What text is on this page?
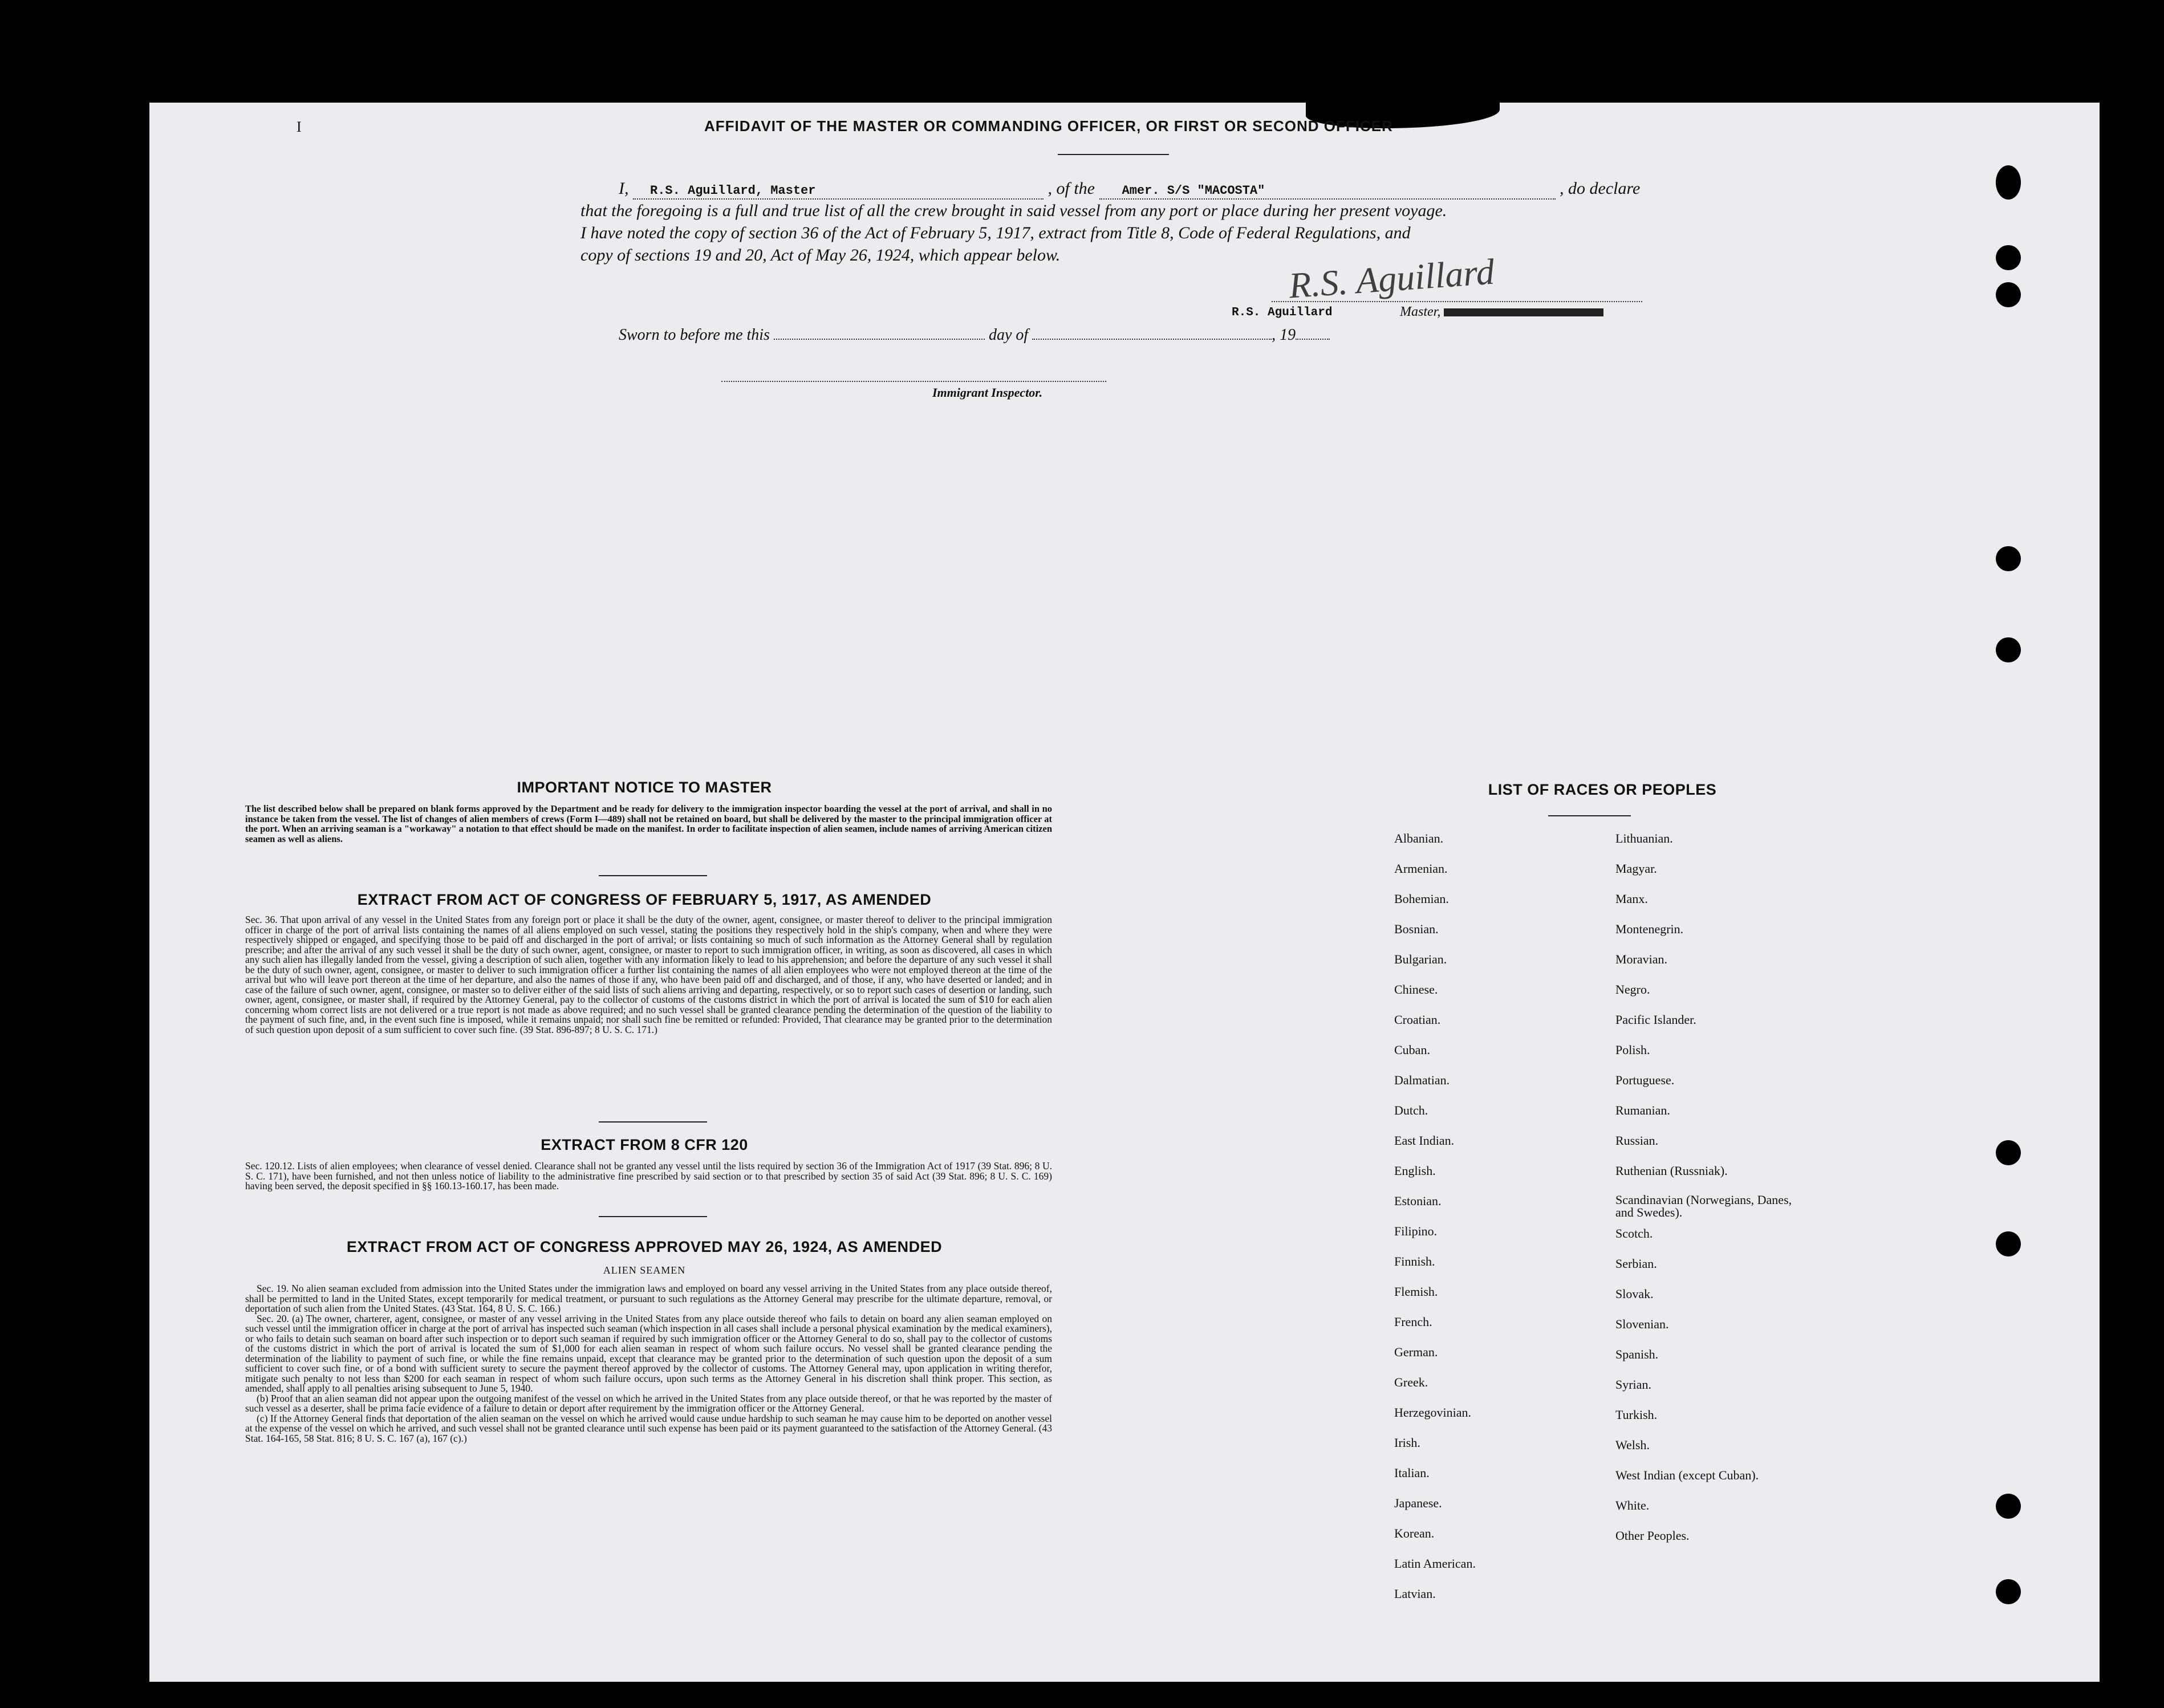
I	AFFIDAVIT OF THE MASTER OR COMMANDING OFFICER, OR FIRST OR SECOND OFFICER
I, R.S. Aguillard, Master	, of the Amer. S/S "MACOSTA"	, do declare
that the foregoing is a full and true list of all the crew brought in said vessel from any port or place during her present voyage.
I have noted the copy of section 36 of the Act of February 5, 1917, extract from Title 8, Code of Federal Regulations, and
copy of sections 19 and 20, Act of May 26, 1924, which appear below.	R.S. Aguillard
R.S. Aguillard	Master,
Sworn to before me this	day of	, 19
Immigrant Inspector.
IMPORTANT NOTICE TO MASTER
The list described below shall be prepared on blank forms approved by the Department and be ready for delivery to the immigration inspector boarding the vessel at the port of arrival, and shall in no instance be taken from the vessel. The list of changes of alien members of crews (Form I—489) shall not be retained on board, but shall be delivered by the master to the principal immigration officer at the port. When an arriving seaman is a "workaway" a notation to that effect should be made on the manifest. In order to facilitate inspection of alien seamen, include names of arriving American citizen seamen as well as aliens.
EXTRACT FROM ACT OF CONGRESS OF FEBRUARY 5, 1917, AS AMENDED
Sec. 36. That upon arrival of any vessel in the United States from any foreign port or place it shall be the duty of the owner, agent, consignee, or master thereof to deliver to the principal immigration officer in charge of the port of arrival lists containing the names of all aliens employed on such vessel, stating the positions they respectively hold in the ship's company, when and where they were respectively shipped or engaged, and specifying those to be paid off and discharged in the port of arrival; or lists containing so much of such information as the Attorney General shall by regulation prescribe; and after the arrival of any such vessel it shall be the duty of such owner, agent, consignee, or master to report to such immigration officer, in writing, as soon as discovered, all cases in which any such alien has illegally landed from the vessel, giving a description of such alien, together with any information likely to lead to his apprehension; and before the departure of any such vessel it shall be the duty of such owner, agent, consignee, or master to deliver to such immigration officer a further list containing the names of all alien employees who were not employed thereon at the time of the arrival but who will leave port thereon at the time of her departure, and also the names of those if any, who have been paid off and discharged, and of those, if any, who have deserted or landed; and in case of the failure of such owner, agent, consignee, or master so to deliver either of the said lists of such aliens arriving and departing, respectively, or so to report such cases of desertion or landing, such owner, agent, consignee, or master shall, if required by the Attorney General, pay to the collector of customs of the customs district in which the port of arrival is located the sum of $10 for each alien concerning whom correct lists are not delivered or a true report is not made as above required; and no such vessel shall be granted clearance pending the determination of the question of the liability to the payment of such fine, and, in the event such fine is imposed, while it remains unpaid; nor shall such fine be remitted or refunded: Provided, That clearance may be granted prior to the determination of such question upon deposit of a sum sufficient to cover such fine. (39 Stat. 896-897; 8 U. S. C. 171.)
EXTRACT FROM 8 CFR 120
Sec. 120.12. Lists of alien employees; when clearance of vessel denied. Clearance shall not be granted any vessel until the lists required by section 36 of the Immigration Act of 1917 (39 Stat. 896; 8 U. S. C. 171), have been furnished, and not then unless notice of liability to the administrative fine prescribed by said section or to that prescribed by section 35 of said Act (39 Stat. 896; 8 U. S. C. 169) having been served, the deposit specified in §§ 160.13-160.17, has been made.
EXTRACT FROM ACT OF CONGRESS APPROVED MAY 26, 1924, AS AMENDED
ALIEN SEAMEN

Sec. 19. No alien seaman excluded from admission into the United States under the immigration laws and employed on board any vessel arriving in the United States from any place outside thereof, shall be permitted to land in the United States, except temporarily for medical treatment, or pursuant to such regulations as the Attorney General may prescribe for the ultimate departure, removal, or deportation of such alien from the United States. (43 Stat. 164, 8 U. S. C. 166.)

Sec. 20. (a) The owner, charterer, agent, consignee, or master of any vessel arriving in the United States from any place outside thereof who fails to detain on board any alien seaman employed on such vessel until the immigration officer in charge at the port of arrival has inspected such seaman (which inspection in all cases shall include a personal physical examination by the medical examiners), or who fails to detain such seaman on board after such inspection or to deport such seaman if required by such immigration officer or the Attorney General to do so, shall pay to the collector of customs of the customs district in which the port of arrival is located the sum of $1,000 for each alien seaman in respect of whom such failure occurs. No vessel shall be granted clearance pending the determination of the liability to payment of such fine, or while the fine remains unpaid, except that clearance may be granted prior to the determination of such question upon the deposit of a sum sufficient to cover such fine, or of a bond with sufficient surety to secure the payment thereof approved by the collector of customs. The Attorney General may, upon application in writing therefor, mitigate such penalty to not less than $200 for each seaman in respect of whom such failure occurs, upon such terms as the Attorney General in his discretion shall think proper. This section, as amended, shall apply to all penalties arising subsequent to June 5, 1940.

(b) Proof that an alien seaman did not appear upon the outgoing manifest of the vessel on which he arrived in the United States from any place outside thereof, or that he was reported by the master of such vessel as a deserter, shall be prima facie evidence of a failure to detain or deport after requirement by the immigration officer or the Attorney General.

(c) If the Attorney General finds that deportation of the alien seaman on the vessel on which he arrived would cause undue hardship to such seaman he may cause him to be deported on another vessel at the expense of the vessel on which he arrived, and such vessel shall not be granted clearance until such expense has been paid or its payment guaranteed to the satisfaction of the Attorney General. (43 Stat. 164-165, 58 Stat. 816; 8 U. S. C. 167 (a), 167 (c).)

LIST OF RACES OR PEOPLES
Albanian.
Armenian.
Bohemian.
Bosnian.
Bulgarian.
Chinese.
Croatian.
Cuban.
Dalmatian.
Dutch.
East Indian.
English.
Estonian.
Filipino.
Finnish.
Flemish.
French.
German.
Greek.
Herzegovinian.
Irish.
Italian.
Japanese.
Korean.
Latin American.
Latvian.
Lithuanian.
Magyar.
Manx.
Montenegrin.
Moravian.
Negro.
Pacific Islander.
Polish.
Portuguese.
Rumanian.
Russian.
Ruthenian (Russniak).
Scandinavian (Norwegians, Danes, and Swedes).
Scotch.
Serbian.
Slovak.
Slovenian.
Spanish.
Syrian.
Turkish.
Welsh.
West Indian (except Cuban).
White.
Other Peoples.
